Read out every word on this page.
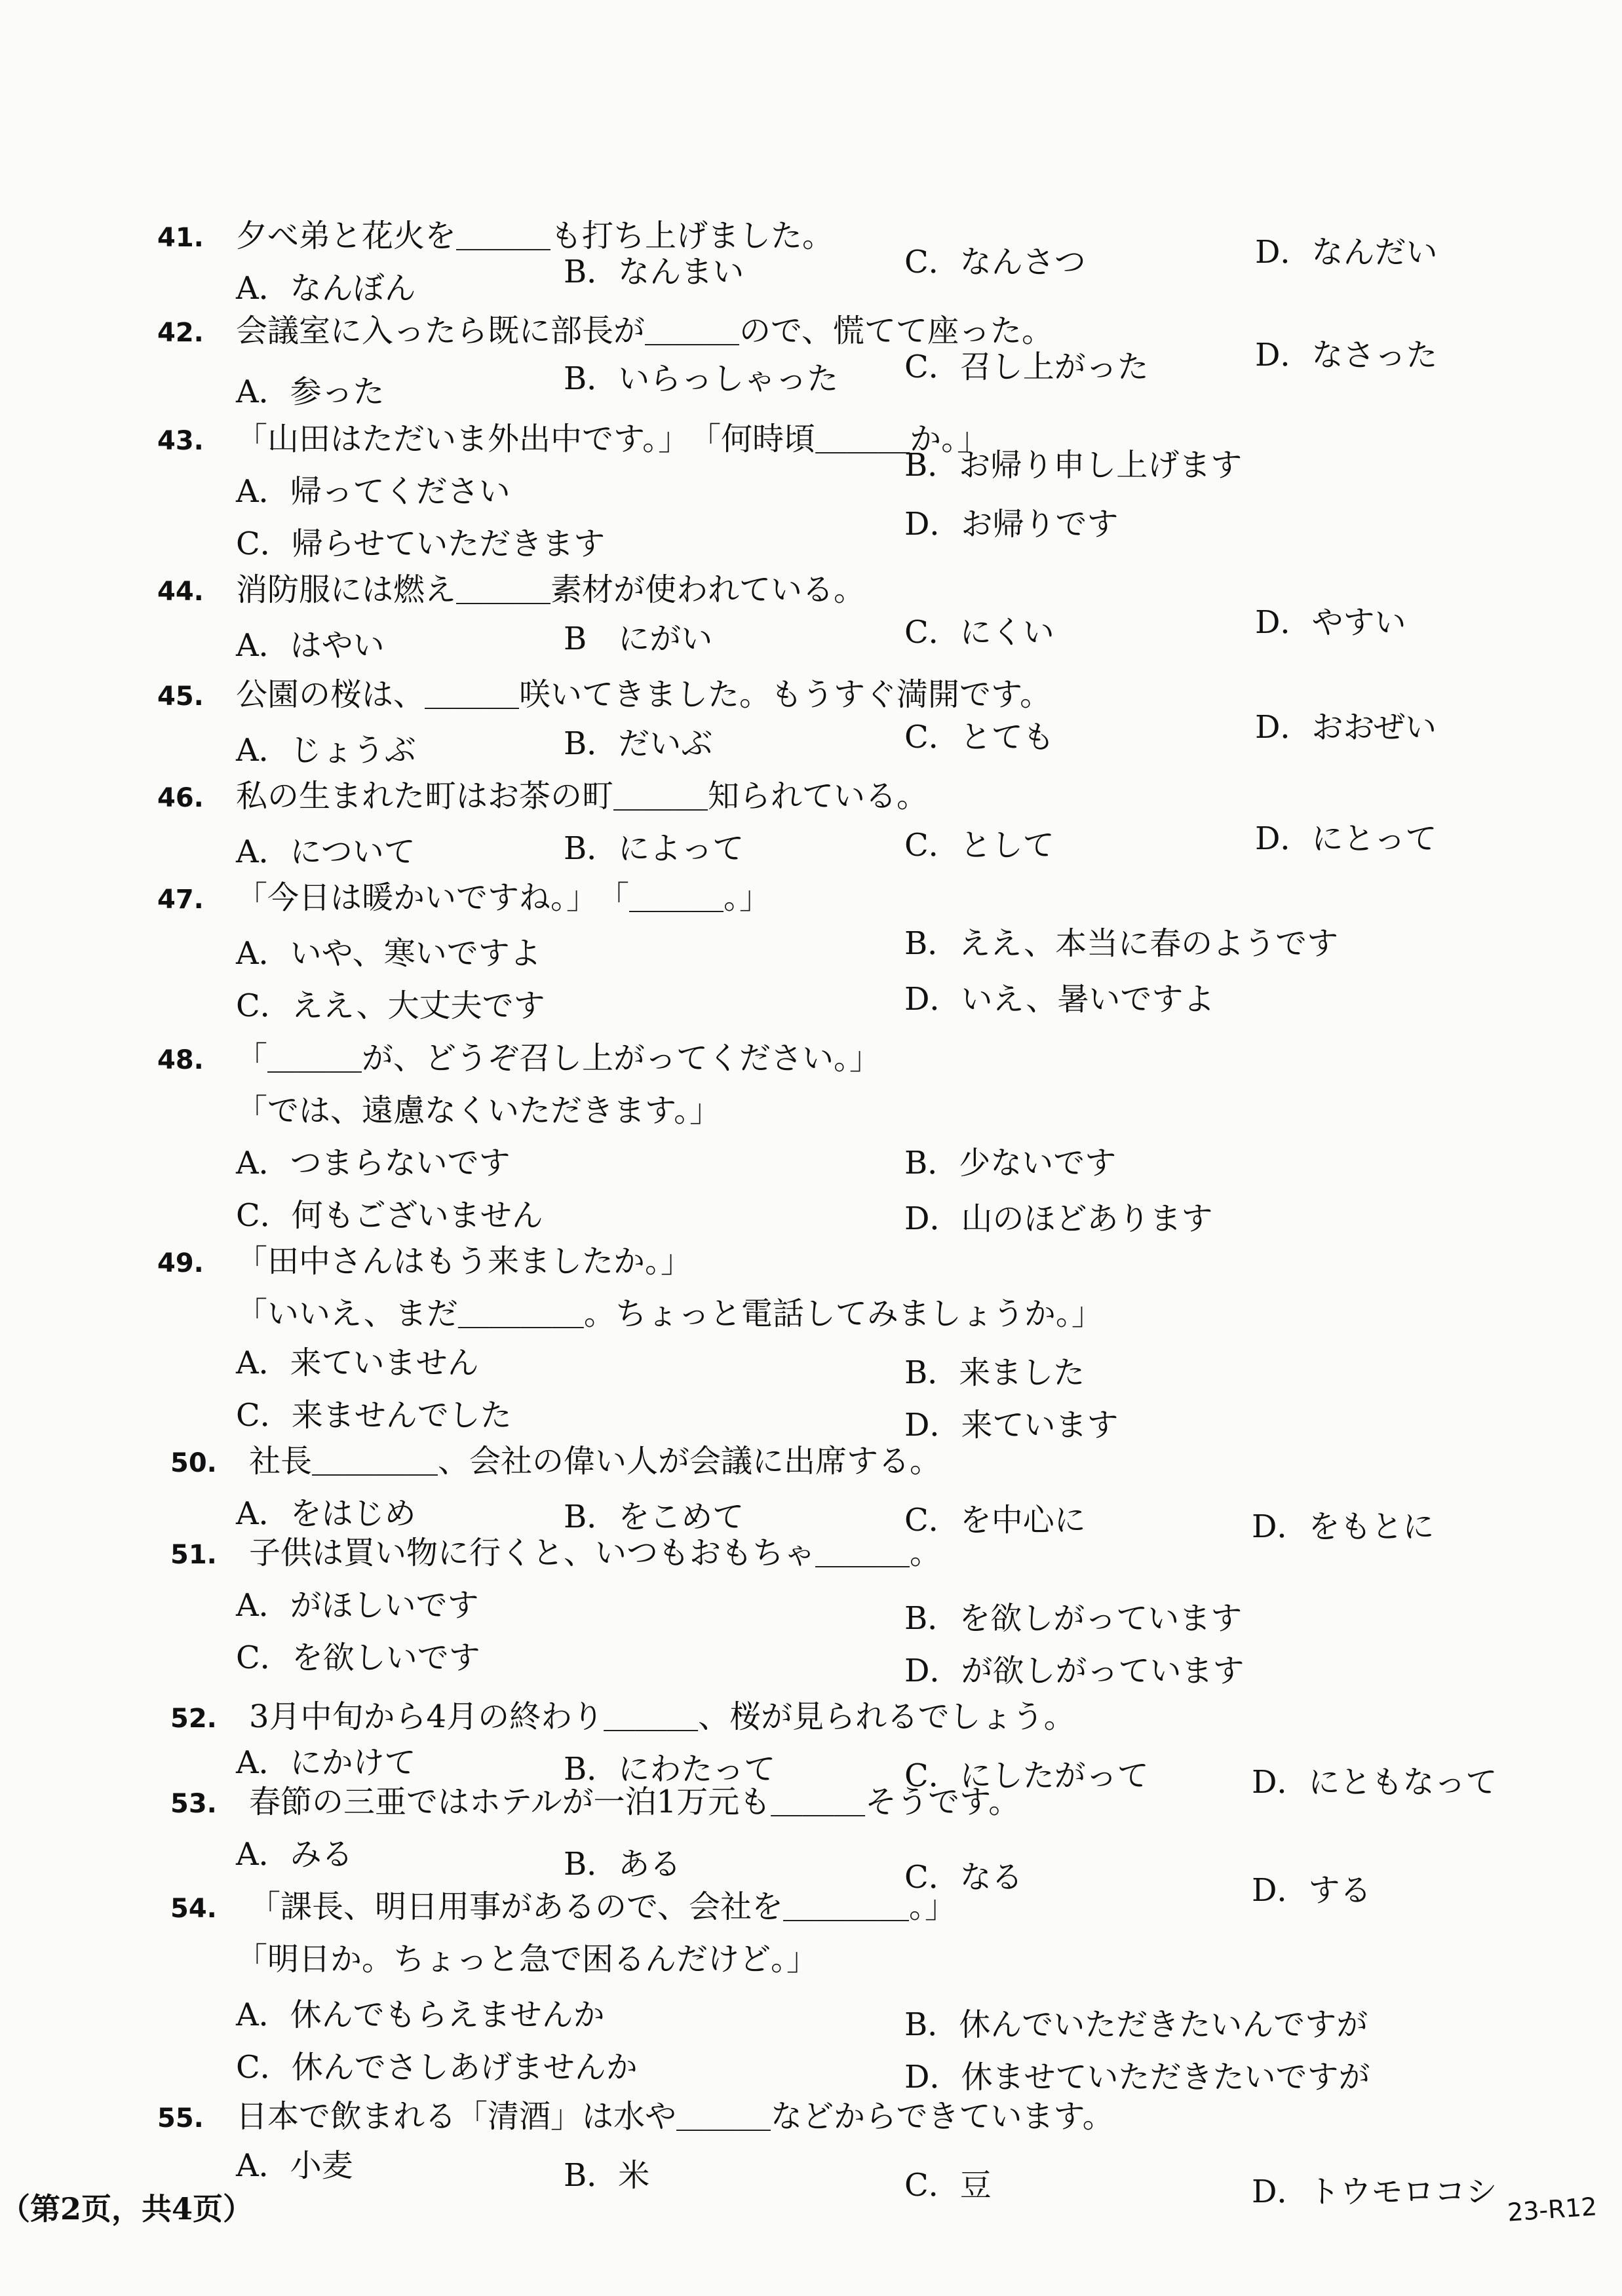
41. 夕べ弟と花火を＿＿＿も打ち上げました。
A．なんぼん	B．なんまい	C．なんさつ	D．なんだい
42. 会議室に入ったら既に部長が＿＿＿ので、慌てて座った。
A．参った	B．いらっしゃった C．召し上がった	D．なさった
43. 「山田はただいま外出中です。」　「何時頃＿＿＿か。」
A．帰ってください
B．お帰り申し上げます
C．帰らせていただきます
D．お帰りです
44. 消防服には燃え＿＿＿素材が使われている。
A．はやい	B　にがい	C．にくい	D．やすい
45. 公園の桜は、＿＿＿咲いてきました。もうすぐ満開です。
A．じょうぶ	B．だいぶ	C．とても	D．おおぜい
46. 私の生まれた町はお茶の町＿＿＿知られている。
A．について	B．によって	C．として	D．にとって
47. 「今日は暖かいですね。」　「＿＿＿。」
A．いや、寒いですよ	B．ええ、本当に春のようです
C．ええ、大丈夫です	D．いえ、暑いですよ
48. 「＿＿＿が、どうぞ召し上がってください。」
「では、遠慮なくいただきます。」
A．つまらないです	B．少ないです
C．何もございません	D．山のほどあります
49. 「田中さんはもう来ましたか。」
「いいえ、まだ＿＿＿＿。ちょっと電話してみましょうか。」
A．来ていません	B．来ました
C．来ませんでした	D．来ています
50. 社長＿＿＿＿、会社の偉い人が会議に出席する。
A．をはじめ	B．をこめて	C．を中心に	D．をもとに
51. 子供は買い物に行くと、いつもおもちゃ＿＿＿。
A．がほしいです	B．を欲しがっています
C．を欲しいです	D．が欲しがっています
52. 3月中旬から4月の終わり＿＿＿、桜が見られるでしょう。
A．にかけて	B．にわたって	C．にしたがって	D．にともなって
53. 春節の三亜ではホテルが一泊1万元も＿＿＿そうです。
A．みる	B．ある	C．なる	D．する
54. 「課長、明日用事があるので、会社を＿＿＿＿。」
「明日か。ちょっと急で困るんだけど。」
A．休んでもらえませんか	B．休んでいただきたいんですが
C．休んでさしあげませんか	D．休ませていただきたいですが
55. 日本で飲まれる「清酒」は水や＿＿＿などからできています。
A．小麦	B．米	C．豆	D．トウモロコシ
（第2页，共4页）	23-R12
